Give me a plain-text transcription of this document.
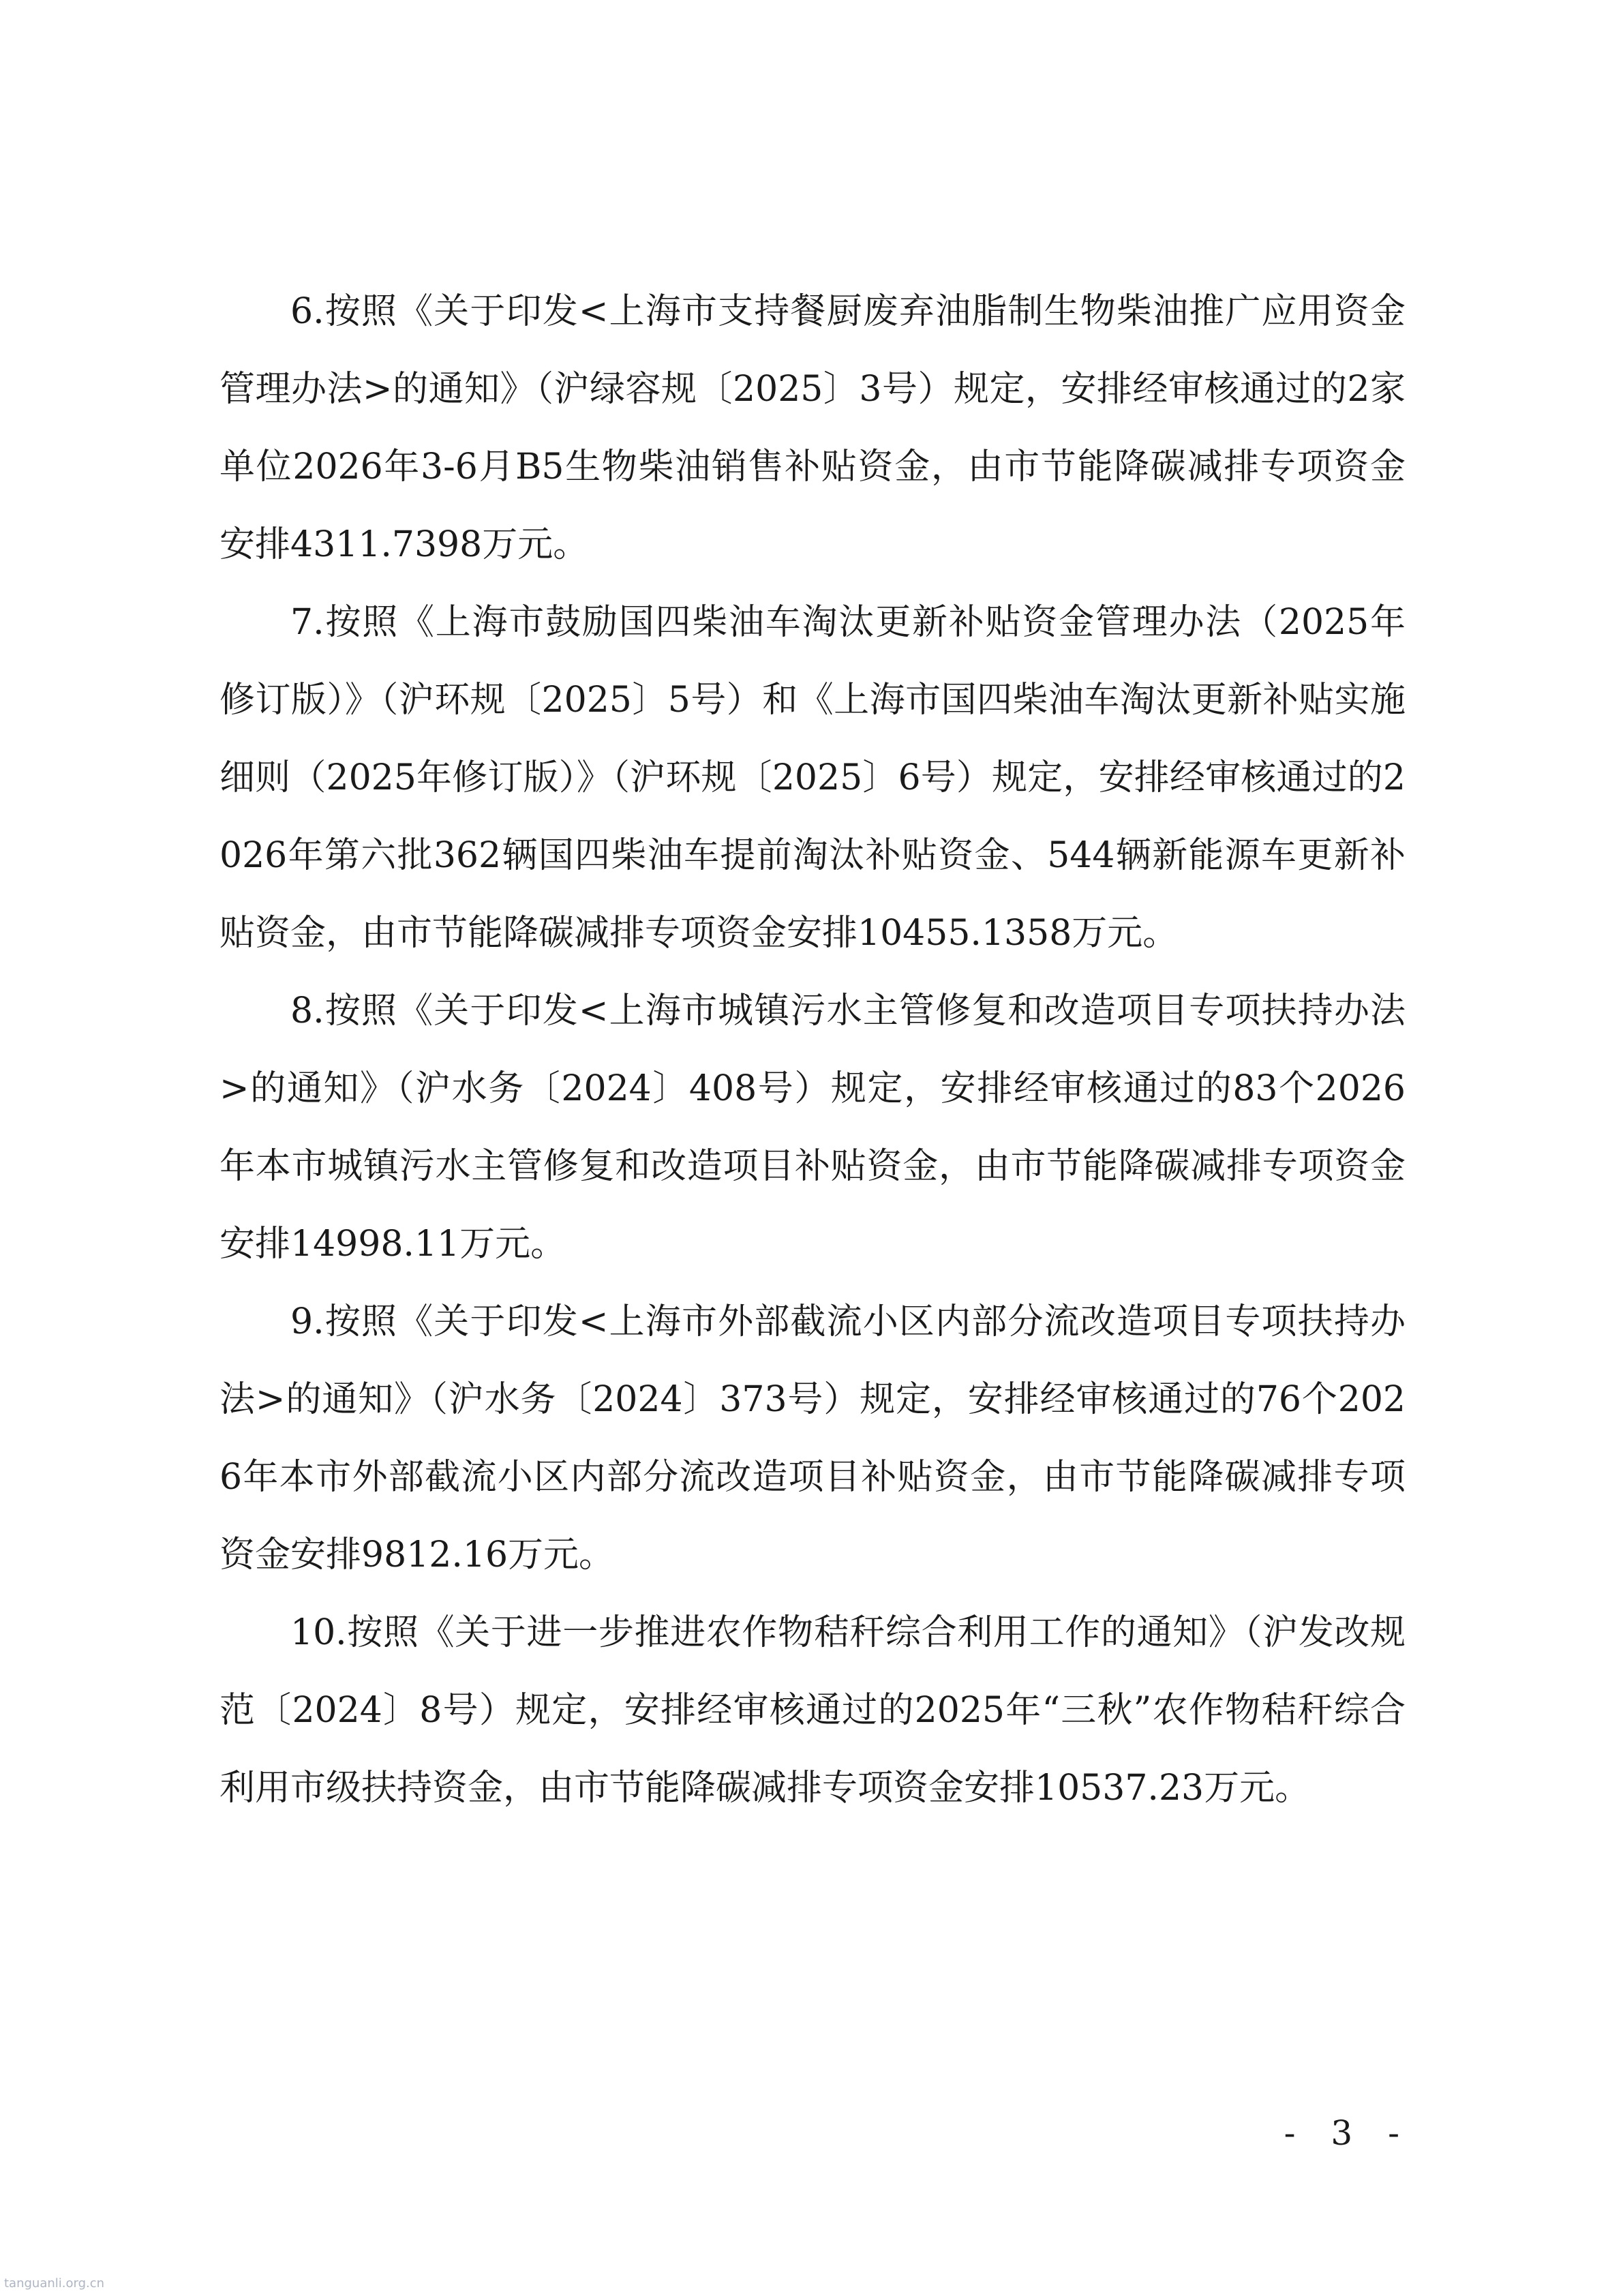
6.按照《关于印发<上海市支持餐厨废弃油脂制生物柴油推广应用资金管理办法>的通知》（沪绿容规〔2025〕3号）规定，安排经审核通过的2家单位2026年3-6月B5生物柴油销售补贴资金，由市节能降碳减排专项资金安排4311.7398万元。

7.按照《上海市鼓励国四柴油车淘汰更新补贴资金管理办法（2025年修订版）》（沪环规〔2025〕5号）和《上海市国四柴油车淘汰更新补贴实施细则（2025年修订版）》（沪环规〔2025〕6号）规定，安排经审核通过的2026年第六批362辆国四柴油车提前淘汰补贴资金、544辆新能源车更新补贴资金，由市节能降碳减排专项资金安排10455.1358万元。

8.按照《关于印发<上海市城镇污水主管修复和改造项目专项扶持办法>的通知》（沪水务〔2024〕408号）规定，安排经审核通过的83个2026年本市城镇污水主管修复和改造项目补贴资金，由市节能降碳减排专项资金安排14998.11万元。

9.按照《关于印发<上海市外部截流小区内部分流改造项目专项扶持办法>的通知》（沪水务〔2024〕373号）规定，安排经审核通过的76个2026年本市外部截流小区内部分流改造项目补贴资金，由市节能降碳减排专项资金安排9812.16万元。

10.按照《关于进一步推进农作物秸秆综合利用工作的通知》（沪发改规范〔2024〕8号）规定，安排经审核通过的2025年“三秋”农作物秸秆综合利用市级扶持资金，由市节能降碳减排专项资金安排10537.23万元。

- 3 -
tanguanli.org.cn
